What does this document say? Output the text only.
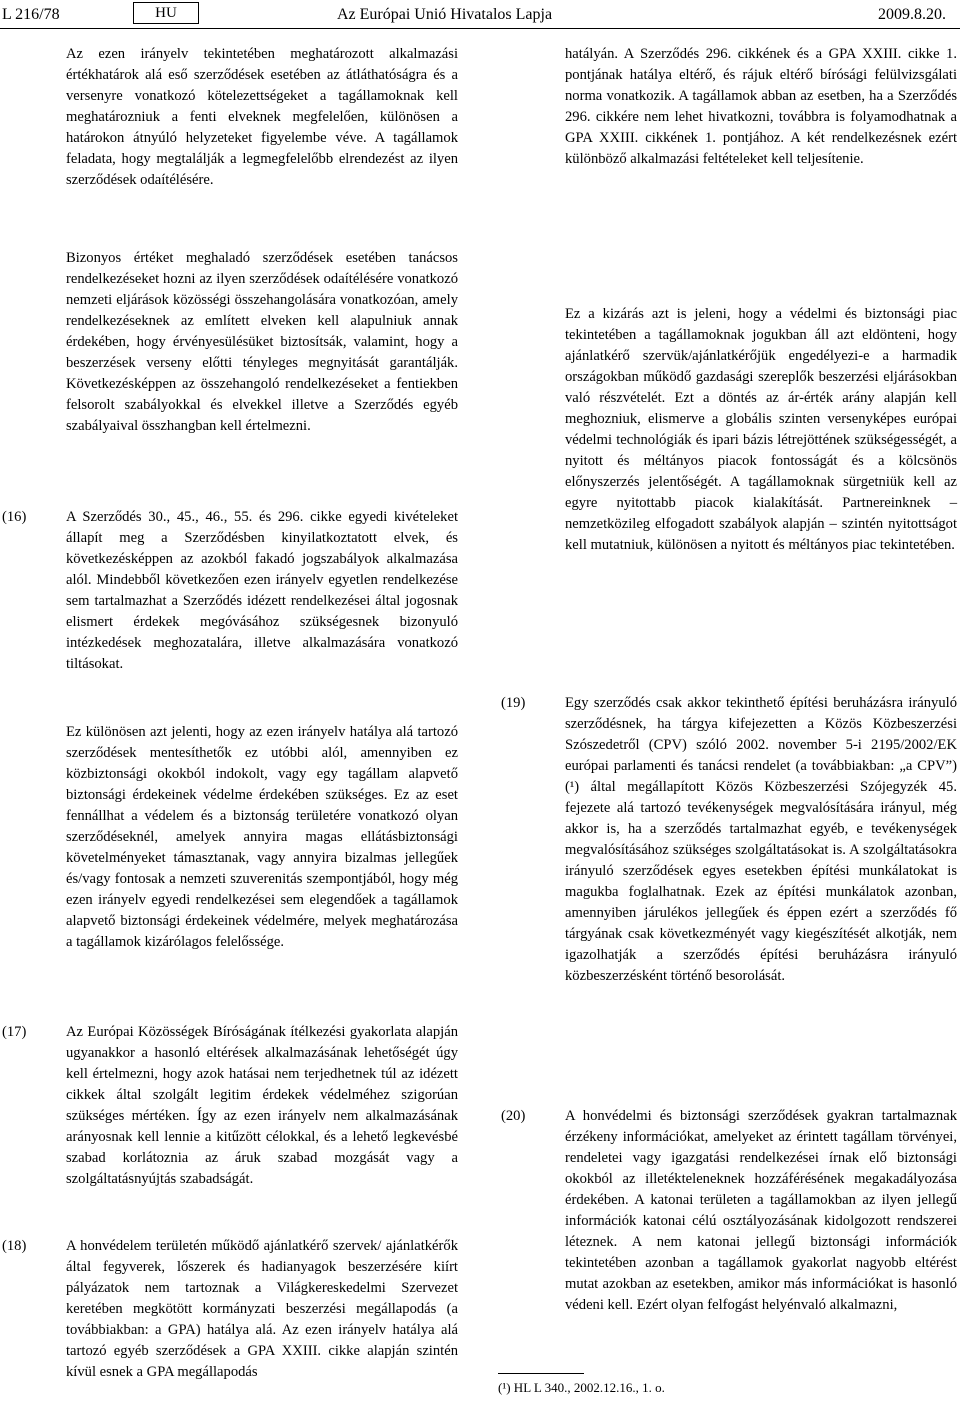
L 216/78	HU	Az Európai Unió Hivatalos Lapja	2009.8.20.

Az ezen irányelv tekintetében meghatározott alkalmazási értékhatárok alá eső szerződések esetében az átláthatóságra és a versenyre vonatkozó kötelezettségeket a tagállamoknak kell meghatározniuk a fenti elveknek megfelelően, különösen a határokon átnyúló helyzeteket figyelembe véve. A tagállamok feladata, hogy megtalálják a legmegfelelőbb elrendezést az ilyen szerződések odaítélésére.

Bizonyos értéket meghaladó szerződések esetében tanácsos rendelkezéseket hozni az ilyen szerződések odaítélésére vonatkozó nemzeti eljárások közösségi összehangolására vonatkozóan, amely rendelkezéseknek az említett elveken kell alapulniuk annak érdekében, hogy érvényesülésüket biztosítsák, valamint, hogy a beszerzések verseny előtti tényleges megnyitását garantálják. Következésképpen az összehangoló rendelkezéseket a fentiekben felsorolt szabályokkal és elvekkel illetve a Szerződés egyéb szabályaival összhangban kell értelmezni.

(16)	A Szerződés 30., 45., 46., 55. és 296. cikke egyedi kivételeket állapít meg a Szerződésben kinyilatkoztatott elvek, és következésképpen az azokból fakadó jogszabályok alkalmazása alól. Mindebből következően ezen irányelv egyetlen rendelkezése sem tartalmazhat a Szerződés idézett rendelkezései által jogosnak elismert érdekek megóvásához szükségesnek bizonyuló intézkedések meghozatalára, illetve alkalmazására vonatkozó tiltásokat.

Ez különösen azt jelenti, hogy az ezen irányelv hatálya alá tartozó szerződések mentesíthetők ez utóbbi alól, amennyiben ez közbiztonsági okokból indokolt, vagy egy tagállam alapvető biztonsági érdekeinek védelme érdekében szükséges. Ez az eset fennállhat a védelem és a biztonság területére vonatkozó olyan szerződéseknél, amelyek annyira magas ellátásbiztonsági követelményeket támasztanak, vagy annyira bizalmas jellegűek és/vagy fontosak a nemzeti szuverenitás szempontjából, hogy még ezen irányelv egyedi rendelkezései sem elegendőek a tagállamok alapvető biztonsági érdekeinek védelmére, melyek meghatározása a tagállamok kizárólagos felelőssége.

(17)	Az Európai Közösségek Bíróságának ítélkezési gyakorlata alapján ugyanakkor a hasonló eltérések alkalmazásának lehetőségét úgy kell értelmezni, hogy azok hatásai nem terjedhetnek túl az idézett cikkek által szolgált legitim érdekek védelméhez szigorúan szükséges mértéken. Így az ezen irányelv nem alkalmazásának arányosnak kell lennie a kitűzött célokkal, és a lehető legkevésbé szabad korlátoznia az áruk szabad mozgását vagy a szolgáltatásnyújtás szabadságát.

(18)	A honvédelem területén működő ajánlatkérő szervek/ ajánlatkérők által fegyverek, lőszerek és hadianyagok beszerzésére kiírt pályázatok nem tartoznak a Világkereskedelmi Szervezet keretében megkötött kormányzati beszerzési megállapodás (a továbbiakban: a GPA) hatálya alá. Az ezen irányelv hatálya alá tartozó egyéb szerződések a GPA XXIII. cikke alapján szintén kívül esnek a GPA megállapodás

hatályán. A Szerződés 296. cikkének és a GPA XXIII. cikke 1. pontjának hatálya eltérő, és rájuk eltérő bírósági felülvizsgálati norma vonatkozik. A tagállamok abban az esetben, ha a Szerződés 296. cikkére nem lehet hivatkozni, továbbra is folyamodhatnak a GPA XXIII. cikkének 1. pontjához. A két rendelkezésnek ezért különböző alkalmazási feltételeket kell teljesítenie.

Ez a kizárás azt is jeleni, hogy a védelmi és biztonsági piac tekintetében a tagállamoknak jogukban áll azt eldönteni, hogy ajánlatkérő szervük/ajánlatkérőjük engedélyezi-e a harmadik országokban működő gazdasági szereplők beszerzési eljárásokban való részvételét. Ezt a döntés az ár-érték arány alapján kell meghozniuk, elismerve a globális szinten versenyképes európai védelmi technológiák és ipari bázis létrejöttének szükségességét, a nyitott és méltányos piacok fontosságát és a kölcsönös előnyszerzés jelentőségét. A tagállamoknak sürgetniük kell az egyre nyitottabb piacok kialakítását. Partnereinknek – nemzetközileg elfogadott szabályok alapján – szintén nyitottságot kell mutatniuk, különösen a nyitott és méltányos piac tekintetében.

(19)	Egy szerződés csak akkor tekinthető építési beruházásra irányuló szerződésnek, ha tárgya kifejezetten a Közös Közbeszerzési Szószedetről (CPV) szóló 2002. november 5-i 2195/2002/EK európai parlamenti és tanácsi rendelet (a továbbiakban: „a CPV”) (¹) által megállapított Közös Közbeszerzési Szójegyzék 45. fejezete alá tartozó tevékenységek megvalósítására irányul, még akkor is, ha a szerződés tartalmazhat egyéb, e tevékenységek megvalósításához szükséges szolgáltatásokat is. A szolgáltatásokra irányuló szerződések egyes esetekben építési munkálatokat is magukba foglalhatnak. Ezek az építési munkálatok azonban, amennyiben járulékos jellegűek és éppen ezért a szerződés fő tárgyának csak következményét vagy kiegészítését alkotják, nem igazolhatják a szerződés építési beruházásra irányuló közbeszerzésként történő besorolását.

(20)	A honvédelmi és biztonsági szerződések gyakran tartalmaznak érzékeny információkat, amelyeket az érintett tagállam törvényei, rendeletei vagy igazgatási rendelkezései írnak elő biztonsági okokból az illetékteleneknek hozzáférésének megakadályozása érdekében. A katonai területen a tagállamokban az ilyen jellegű információk katonai célú osztályozásának kidolgozott rendszerei léteznek. A nem katonai jellegű biztonsági információk tekintetében azonban a tagállamok gyakorlat nagyobb eltérést mutat azokban az esetekben, amikor más információkat is hasonló védeni kell. Ezért olyan felfogást helyénvaló alkalmazni,

(¹) HL L 340., 2002.12.16., 1. o.
